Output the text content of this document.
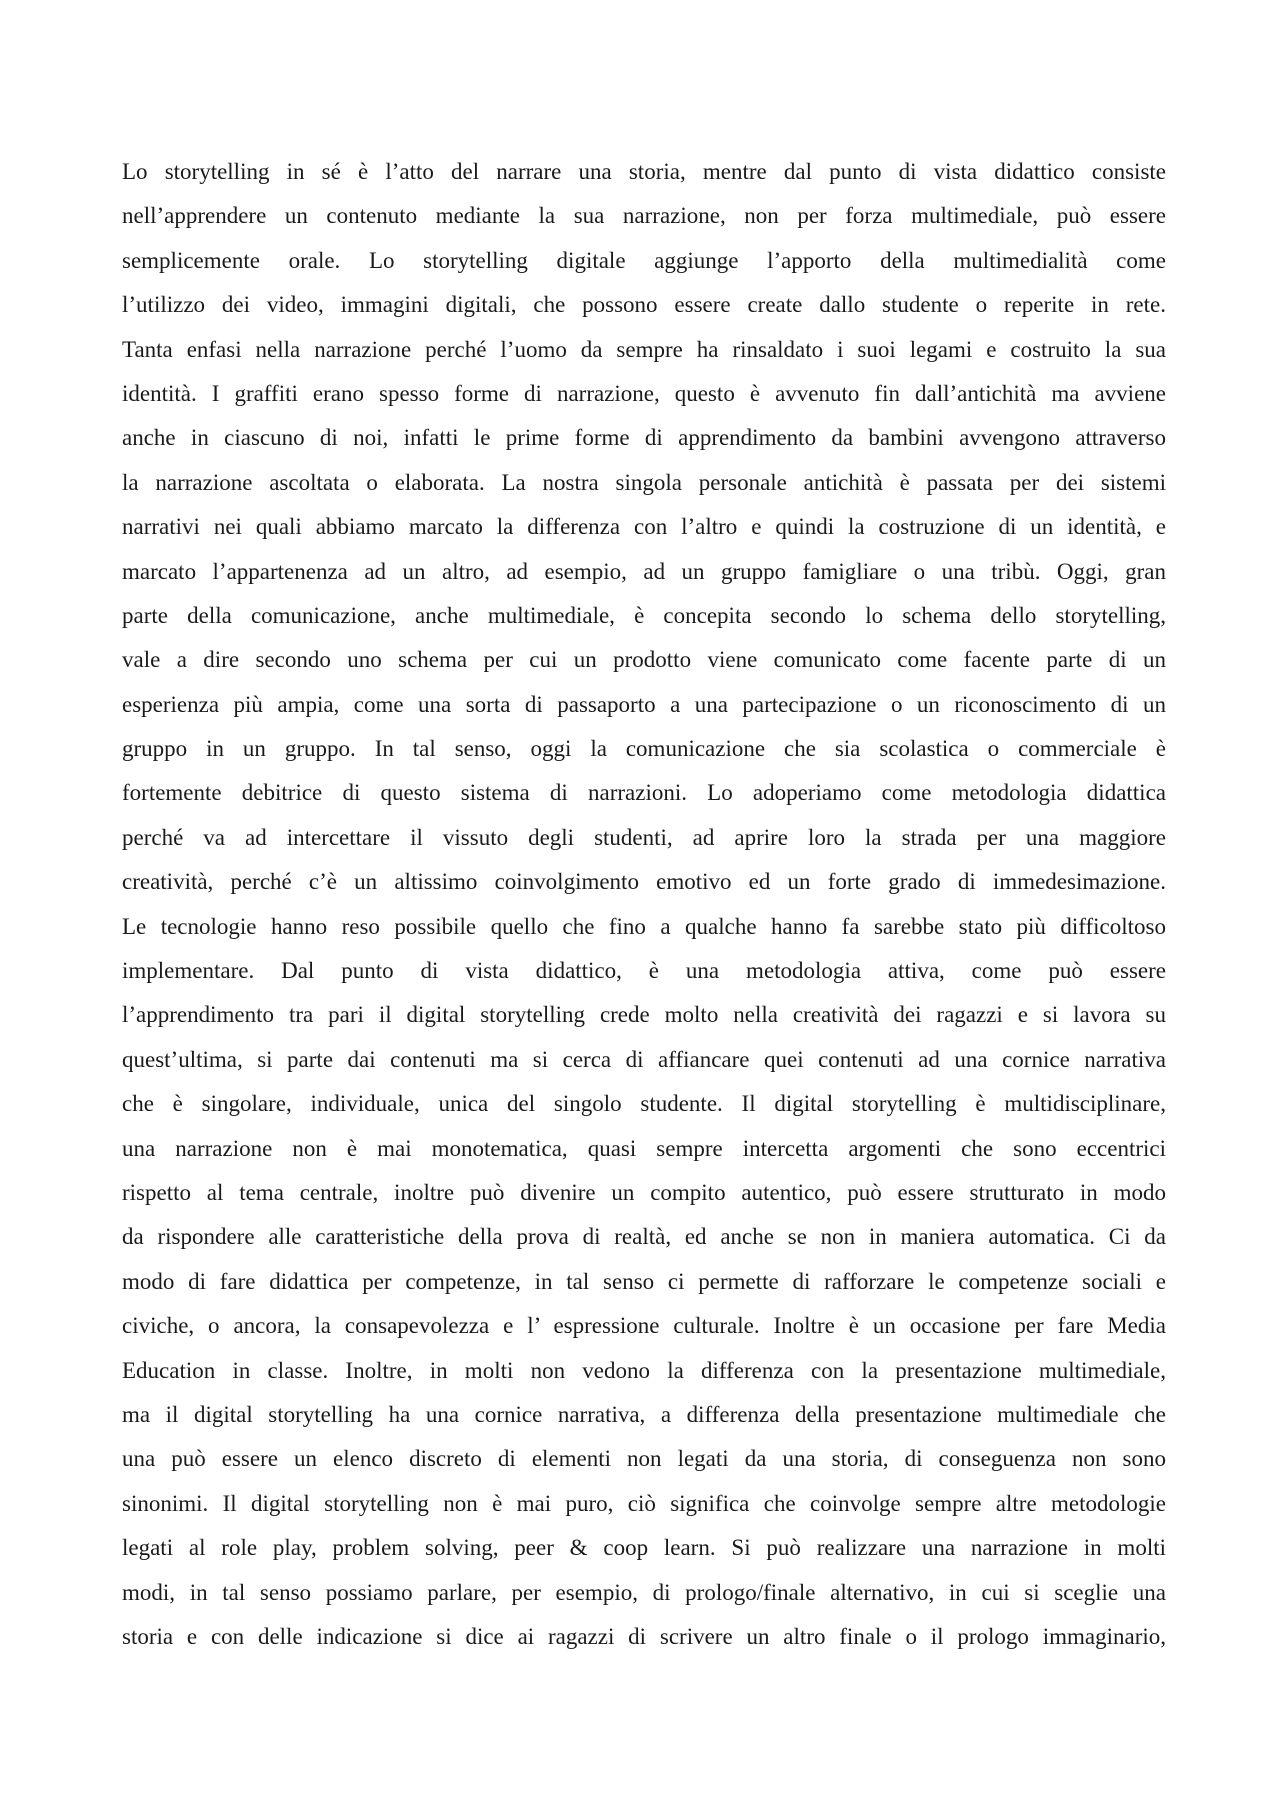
Lo storytelling in sé è l’atto del narrare una storia, mentre dal punto di vista didattico consiste
nell’apprendere un contenuto mediante la sua narrazione, non per forza multimediale, può essere
semplicemente orale. Lo storytelling digitale aggiunge l’apporto della multimedialità come
l’utilizzo dei video, immagini digitali, che possono essere create dallo studente o reperite in rete.
Tanta enfasi nella narrazione perché l’uomo da sempre ha rinsaldato i suoi legami e costruito la sua
identità. I graffiti erano spesso forme di narrazione, questo è avvenuto fin dall’antichità ma avviene
anche in ciascuno di noi, infatti le prime forme di apprendimento da bambini avvengono attraverso
la narrazione ascoltata o elaborata. La nostra singola personale antichità è passata per dei sistemi
narrativi nei quali abbiamo marcato la differenza con l’altro e quindi la costruzione di un identità, e
marcato l’appartenenza ad un altro, ad esempio, ad un gruppo famigliare o una tribù. Oggi, gran
parte della comunicazione, anche multimediale, è concepita secondo lo schema dello storytelling,
vale a dire secondo uno schema per cui un prodotto viene comunicato come facente parte di un
esperienza più ampia, come una sorta di passaporto a una partecipazione o un riconoscimento di un
gruppo in un gruppo. In tal senso, oggi la comunicazione che sia scolastica o commerciale è
fortemente debitrice di questo sistema di narrazioni. Lo adoperiamo come metodologia didattica
perché va ad intercettare il vissuto degli studenti, ad aprire loro la strada per una maggiore
creatività, perché c’è un altissimo coinvolgimento emotivo ed un forte grado di immedesimazione.
Le tecnologie hanno reso possibile quello che fino a qualche hanno fa sarebbe stato più difficoltoso
implementare. Dal punto di vista didattico, è una metodologia attiva, come può essere
l’apprendimento tra pari il digital storytelling crede molto nella creatività dei ragazzi e si lavora su
quest’ultima, si parte dai contenuti ma si cerca di affiancare quei contenuti ad una cornice narrativa
che è singolare, individuale, unica del singolo studente. Il digital storytelling è multidisciplinare,
una narrazione non è mai monotematica, quasi sempre intercetta argomenti che sono eccentrici
rispetto al tema centrale, inoltre può divenire un compito autentico, può essere strutturato in modo
da rispondere alle caratteristiche della prova di realtà, ed anche se non in maniera automatica. Ci da
modo di fare didattica per competenze, in tal senso ci permette di rafforzare le competenze sociali e
civiche, o ancora, la consapevolezza e l’ espressione culturale. Inoltre è un occasione per fare Media
Education in classe. Inoltre, in molti non vedono la differenza con la presentazione multimediale,
ma il digital storytelling ha una cornice narrativa, a differenza della presentazione multimediale che
una può essere un elenco discreto di elementi non legati da una storia, di conseguenza non sono
sinonimi. Il digital storytelling non è mai puro, ciò significa che coinvolge sempre altre metodologie
legati al role play, problem solving, peer & coop learn. Si può realizzare una narrazione in molti
modi, in tal senso possiamo parlare, per esempio, di prologo/finale alternativo, in cui si sceglie una
storia e con delle indicazione si dice ai ragazzi di scrivere un altro finale o il prologo immaginario,
